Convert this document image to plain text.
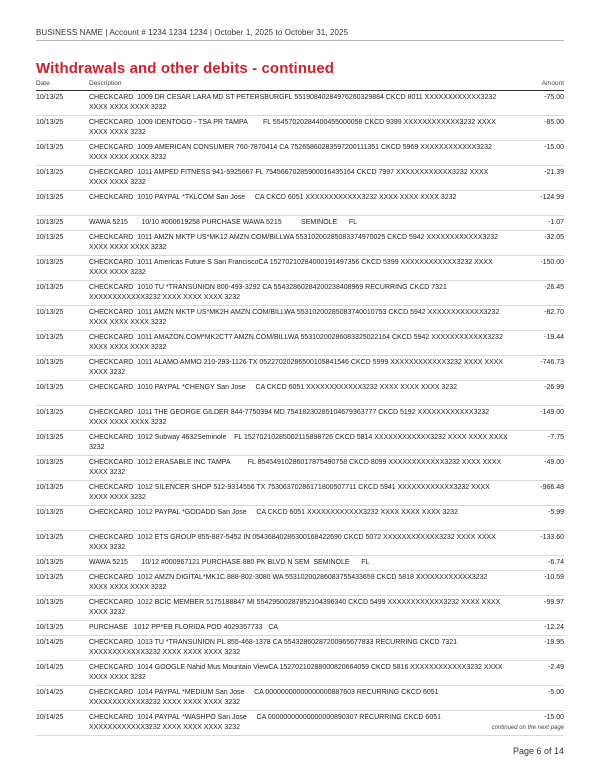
BUSINESS NAME | Account # 1234 1234 1234 | October 1, 2025 to October 31, 2025
Withdrawals and other debits - continued
Date	Description	Amount
10/13/25	CHECKCARD  1009 DR CESAR LARA MD ST PETERSBURGFL 55190840284976260329884 CKCD 8011 XXXXXXXXXXXX3232 XXXX XXXX XXXX 3232
-75.00
10/13/25	CHECKCARD  1009 IDENTOGO - TSA PR TAMPA        FL 55457020284400455000058 CKCD 9399 XXXXXXXXXXXX3232 XXXX XXXX XXXX 3232
-85.00
10/13/25	CHECKCARD  1009 AMERICAN CONSUMER 760-7870414 CA 75265860283597200111351 CKCD 5969 XXXXXXXXXXXX3232 XXXX XXXX XXXX 3232
-15.00
10/13/25	CHECKCARD  1011 AMPED FITNESS 941-5925667 FL 75456670285900016435164 CKCD 7997 XXXXXXXXXXXX3232 XXXX XXXX XXXX 3232
-21.39
10/13/25	CHECKCARD  1010 PAYPAL *TKLCOM San Jose     CA CKCD 6051 XXXXXXXXXXXX3232 XXXX XXXX XXXX 3232	-124.99
10/13/25	WAWA 5215       10/10 #000619258 PURCHASE WAWA 5215          SEMINOLE      FL	-1.07
10/13/25	CHECKCARD  1011 AMZN MKTP US*MK12 AMZN.COM/BILLWA 55310200285083374970025 CKCD 5942 XXXXXXXXXXXX3232 XXXX XXXX XXXX 3232
-32.05
10/13/25	CHECKCARD  1011 Americas Future S San FranciscoCA 15270210284000191497356 CKCD 5399 XXXXXXXXXXXX3232 XXXX XXXX XXXX 3232
-150.00
10/13/25	CHECKCARD  1010 TU *TRANSUNION 800-493-3292 CA 55432860284200238408969 RECURRING CKCD 7321 XXXXXXXXXXXX3232 XXXX XXXX XXXX 3232
-26.45
10/13/25	CHECKCARD  1011 AMZN MKTP US*MK2H AMZN.COM/BILLWA 55310200285083740010753 CKCD 5942 XXXXXXXXXXXX3232 XXXX XXXX XXXX 3232
-82.70
10/13/25	CHECKCARD  1011 AMAZON.COM*MK2CT7 AMZN.COM/BILLWA 55310200286083325022164 CKCD 5942 XXXXXXXXXXXX3232 XXXX XXXX XXXX 3232
-19.44
10/13/25	CHECKCARD  1011 ALAMO AMMO 210-293-1126 TX 05227020286500105841546 CKCD 5999 XXXXXXXXXXXX3232 XXXX XXXX XXXX 3232
-746.73
10/13/25	CHECKCARD  1010 PAYPAL *CHENGY San Jose     CA CKCD 6051 XXXXXXXXXXXX3232 XXXX XXXX XXXX 3232	-26.99
10/13/25	CHECKCARD  1011 THE GEORGE GILDER 844-7750394 MD 75418230285104679363777 CKCD 5192 XXXXXXXXXXXX3232 XXXX XXXX XXXX 3232
-149.00
10/13/25	CHECKCARD  1012 Subway 4632Seminole    FL 15270210285002115898726 CKCD 5814 XXXXXXXXXXXX3232 XXXX XXXX XXXX 3232
-7.75
10/13/25	CHECKCARD  1012 ERASABLE INC TAMPA         FL 85454910286017875490758 CKCD 8099 XXXXXXXXXXXX3232 XXXX XXXX XXXX 3232
-49.00
10/13/25	CHECKCARD  1012 SILENCER SHOP 512-9314556 TX 75306370286171800507711 CKCD 5941 XXXXXXXXXXXX3232 XXXX XXXX XXXX 3232
-966.48
10/13/25	CHECKCARD  1012 PAYPAL *GODADD San Jose     CA CKCD 6051 XXXXXXXXXXXX3232 XXXX XXXX XXXX 3232	-5.99
10/13/25	CHECKCARD  1012 ETS GROUP 855-887-5452 IN 05436840286300168422690 CKCD 5072 XXXXXXXXXXXX3232 XXXX XXXX XXXX 3232
-133.60
10/13/25	WAWA 5215       10/12 #000967121 PURCHASE 880 PK BLVD N SEM  SEMINOLE      FL	-6.74
10/13/25	CHECKCARD  1012 AMZN DIGITAL*MK1C 888-802-3080 WA 55310200286083755433659 CKCD 5818 XXXXXXXXXXXX3232 XXXX XXXX XXXX 3232
-10.59
10/13/25	CHECKCARD  1012 BCIC MEMBER 5175188847 MI 55429500287852104396340 CKCD 5499 XXXXXXXXXXXX3232 XXXX XXXX XXXX 3232
-99.97
10/13/25	PURCHASE   1012 PP*EB FLORIDA POD 4029357733   CA	-12.24
10/14/25	CHECKCARD  1013 TU *TRANSUNION PL 855-468-1378 CA 55432860287200965677833 RECURRING CKCD 7321 XXXXXXXXXXXX3232 XXXX XXXX XXXX 3232
-19.95
10/14/25	CHECKCARD  1014 GOOGLE Nahid Mus Mountain ViewCA 15270210288000820664059 CKCD 5816 XXXXXXXXXXXX3232 XXXX XXXX XXXX 3232
-2.49
10/14/25	CHECKCARD  1014 PAYPAL *MEDIUM San Jose     CA 00000000000000000887603 RECURRING CKCD 6051 XXXXXXXXXXXX3232 XXXX XXXX XXXX 3232
-5.00
10/14/25	CHECKCARD  1014 PAYPAL *WASHPO San Jose     CA 00000000000000000890307 RECURRING CKCD 6051 XXXXXXXXXXXX3232 XXXX XXXX XXXX 3232
-15.00
continued on the next page
Page 6 of 14
